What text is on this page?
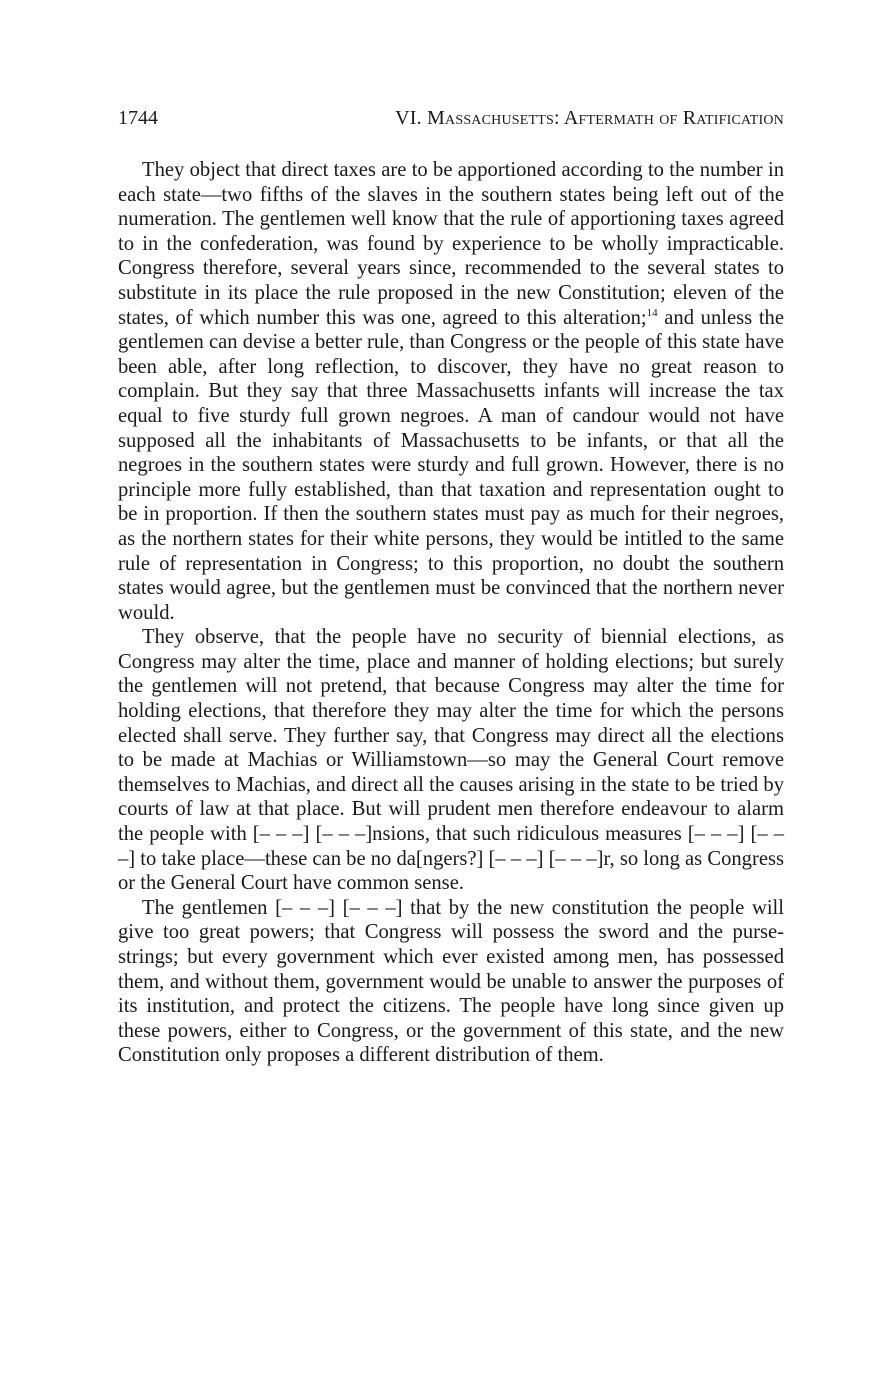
1744	VI. Massachusetts: Aftermath of Ratification

They object that direct taxes are to be apportioned according to the number in each state—two fifths of the slaves in the southern states being left out of the numeration. The gentlemen well know that the rule of apportioning taxes agreed to in the confederation, was found by experience to be wholly impracticable. Congress therefore, several years since, recommended to the several states to substitute in its place the rule proposed in the new Constitution; eleven of the states, of which number this was one, agreed to this alteration;$^{14}$ and unless the gentlemen can devise a better rule, than Congress or the people of this state have been able, after long reflection, to discover, they have no great reason to complain. But they say that three Massachusetts infants will increase the tax equal to five sturdy full grown negroes. A man of candour would not have supposed all the inhabitants of Massachusetts to be infants, or that all the negroes in the southern states were sturdy and full grown. However, there is no principle more fully established, than that taxation and representation ought to be in proportion. If then the southern states must pay as much for their negroes, as the northern states for their white persons, they would be intitled to the same rule of representation in Congress; to this proportion, no doubt the southern states would agree, but the gentlemen must be convinced that the northern never would.

They observe, that the people have no security of biennial elections, as Congress may alter the time, place and manner of holding elections; but surely the gentlemen will not pretend, that because Congress may alter the time for holding elections, that therefore they may alter the time for which the persons elected shall serve. They further say, that Congress may direct all the elections to be made at Machias or Williamstown—so may the General Court remove themselves to Machias, and direct all the causes arising in the state to be tried by courts of law at that place. But will prudent men therefore endeavour to alarm the people with [– – –] [– – –]nsions, that such ridiculous measures [– – –] [– – –] to take place—these can be no da[ngers?] [– – –] [– – –]r, so long as Congress or the General Court have common sense.

The gentlemen [– – –] [– – –] that by the new constitution the people will give too great powers; that Congress will possess the sword and the purse-strings; but every government which ever existed among men, has possessed them, and without them, government would be unable to answer the purposes of its institution, and protect the citizens. The people have long since given up these powers, either to Congress, or the government of this state, and the new Constitution only proposes a different distribution of them.
